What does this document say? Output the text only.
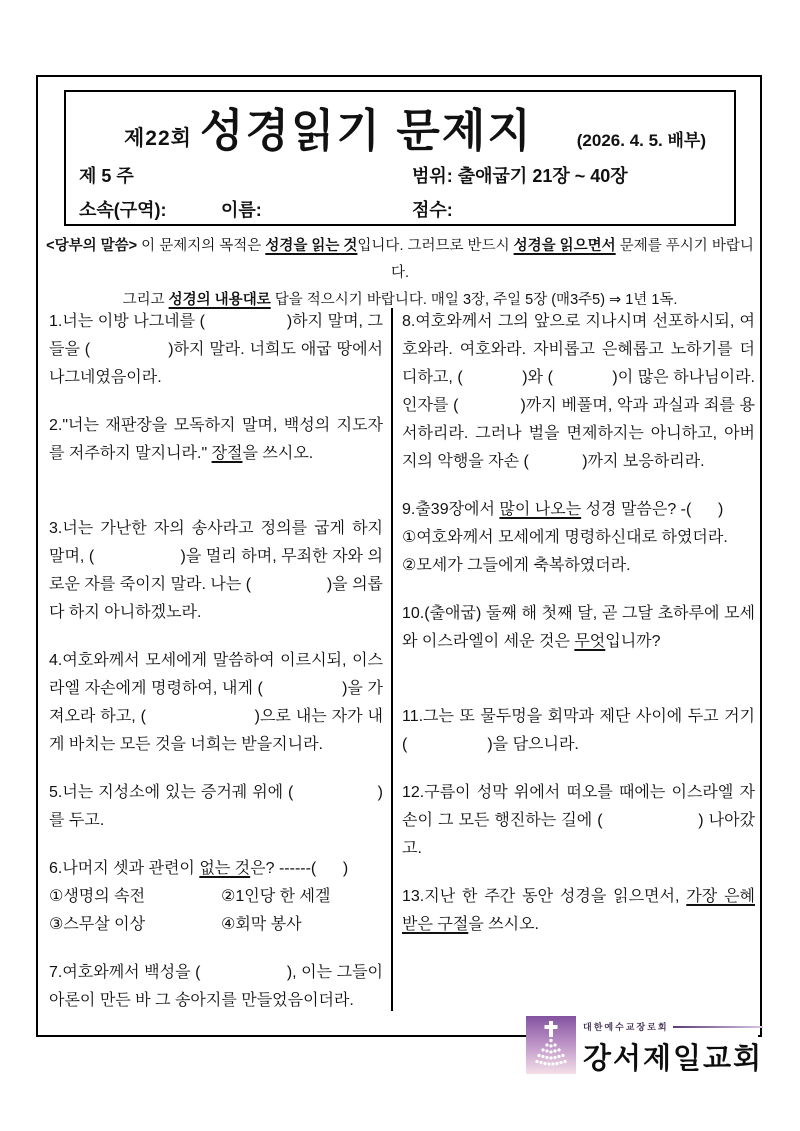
제22회 성경읽기 문제지	(2026. 4. 5. 배부)
제 5 주	범위: 출애굽기 21장 ~ 40장
소속(구역):	이름:	점수:
<당부의 말씀> 이 문제지의 목적은 성경을 읽는 것입니다. 그러므로 반드시 성경을 읽으면서 문제를 푸시기 바랍니다.
그리고 성경의 내용대로 답을 적으시기 바랍니다. 매일 3장, 주일 5장 (매3주5) ⇒ 1년 1독.
1.너는 이방 나그네를 (                  )하지 말며, 그들을 (                )하지 말라. 너희도 애굽 땅에서 나그네였음이라.
2."너는 재판장을 모독하지 말며, 백성의 지도자를 저주하지 말지니라." 장절을 쓰시오.
3.너는 가난한 자의 송사라고 정의를 굽게 하지 말며, (                   )을 멀리 하며, 무죄한 자와 의로운 자를 죽이지 말라. 나는 (                 )을 의롭다 하지 아니하겠노라.
4.여호와께서 모세에게 말씀하여 이르시되, 이스라엘 자손에게 명령하여, 내게 (                 )을 가져오라 하고, (                      )으로 내는 자가 내게 바치는 모든 것을 너희는 받을지니라.
5.너는 지성소에 있는 증거궤 위에 (                 )를 두고.
6.나머지 셋과 관련이 없는 것은? ------(      )
①생명의 속전	②1인당 한 세겔
③스무살 이상	④회막 봉사
7.여호와께서 백성을 (                   ), 이는 그들이 아론이 만든 바 그 송아지를 만들었음이더라.
8.여호와께서 그의 앞으로 지나시며 선포하시되, 여호와라. 여호와라. 자비롭고 은혜롭고 노하기를 더디하고, (             )와 (             )이 많은 하나님이라. 인자를 (             )까지 베풀며, 악과 과실과 죄를 용서하리라. 그러나 벌을 면제하지는 아니하고, 아버지의 악행을 자손 (            )까지 보응하리라.
9.출39장에서 많이 나오는 성경 말씀은? -(      )
①여호와께서 모세에게 명령하신대로 하였더라.
②모세가 그들에게 축복하였더라.
10.(출애굽) 둘째 해 첫째 달, 곧 그달 초하루에 모세와 이스라엘이 세운 것은 무엇입니까?
11.그는 또 물두멍을 회막과 제단 사이에 두고 거기 (                  )을 담으니라.
12.구름이 성막 위에서 떠오를 때에는 이스라엘 자손이 그 모든 행진하는 길에 (                   ) 나아갔고.
13.지난 한 주간 동안 성경을 읽으면서, 가장 은혜 받은 구절을 쓰시오.
대한예수교장로회
강서제일교회
